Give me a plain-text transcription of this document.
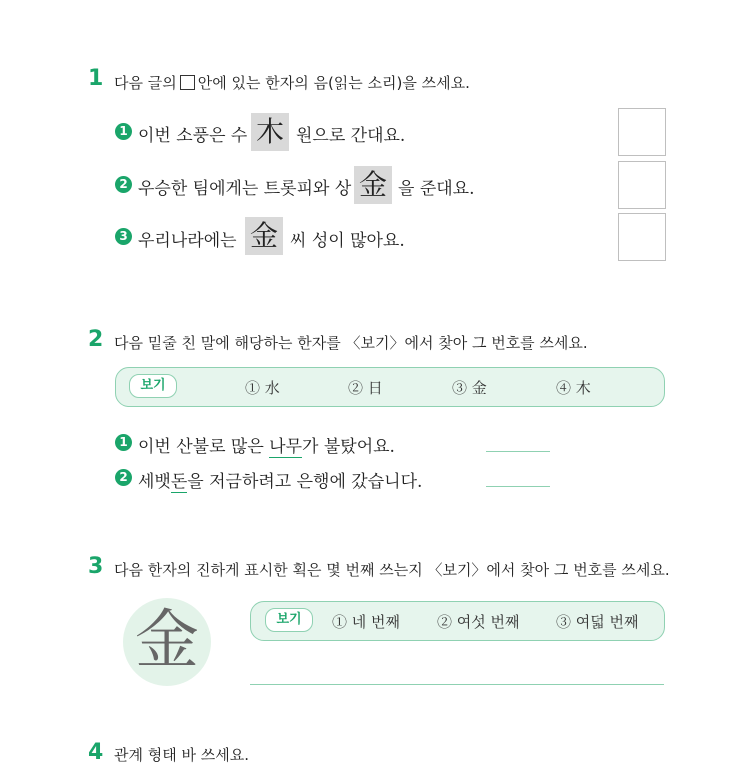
1 다음 글의 안에 있는 한자의 음(읽는 소리)을 쓰세요.
1 이번 소풍은 수 木 원으로 간대요.
2 우승한 팀에게는 트롯피와 상 金 을 준대요.
3 우리나라에는 金 씨 성이 많아요.
2 다음 밑줄 친 말에 해당하는 한자를 〈보기〉에서 찾아 그 번호를 쓰세요.
보기	① 水	② 日	③ 金	④ 木
1 이번 산불로 많은 나무가 불탔어요.
2 세뱃돈을 저금하려고 은행에 갔습니다.
3 다음 한자의 진하게 표시한 획은 몇 번째 쓰는지 〈보기〉에서 찾아 그 번호를 쓰세요.
金	보기	① 네 번째 ② 여섯 번째 ③ 여덟 번째
4 관계 형태 바 쓰세요.
